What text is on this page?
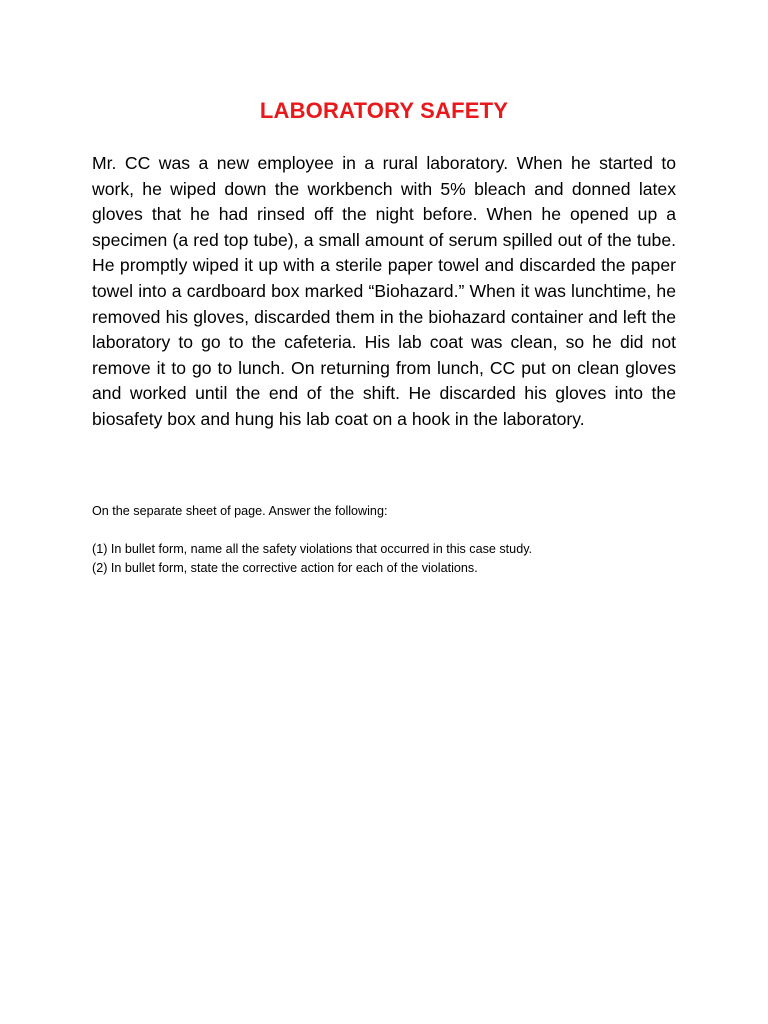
LABORATORY SAFETY

Mr. CC was a new employee in a rural laboratory. When he started to work, he wiped down the workbench with 5% bleach and donned latex gloves that he had rinsed off the night before. When he opened up a specimen (a red top tube), a small amount of serum spilled out of the tube. He promptly wiped it up with a sterile paper towel and discarded the paper towel into a cardboard box marked “Biohazard.” When it was lunchtime, he removed his gloves, discarded them in the biohazard container and left the laboratory to go to the cafeteria. His lab coat was clean, so he did not remove it to go to lunch. On returning from lunch, CC put on clean gloves and worked until the end of the shift. He discarded his gloves into the biosafety box and hung his lab coat on a hook in the laboratory.

On the separate sheet of page. Answer the following:

(1) In bullet form, name all the safety violations that occurred in this case study.
(2) In bullet form, state the corrective action for each of the violations.
